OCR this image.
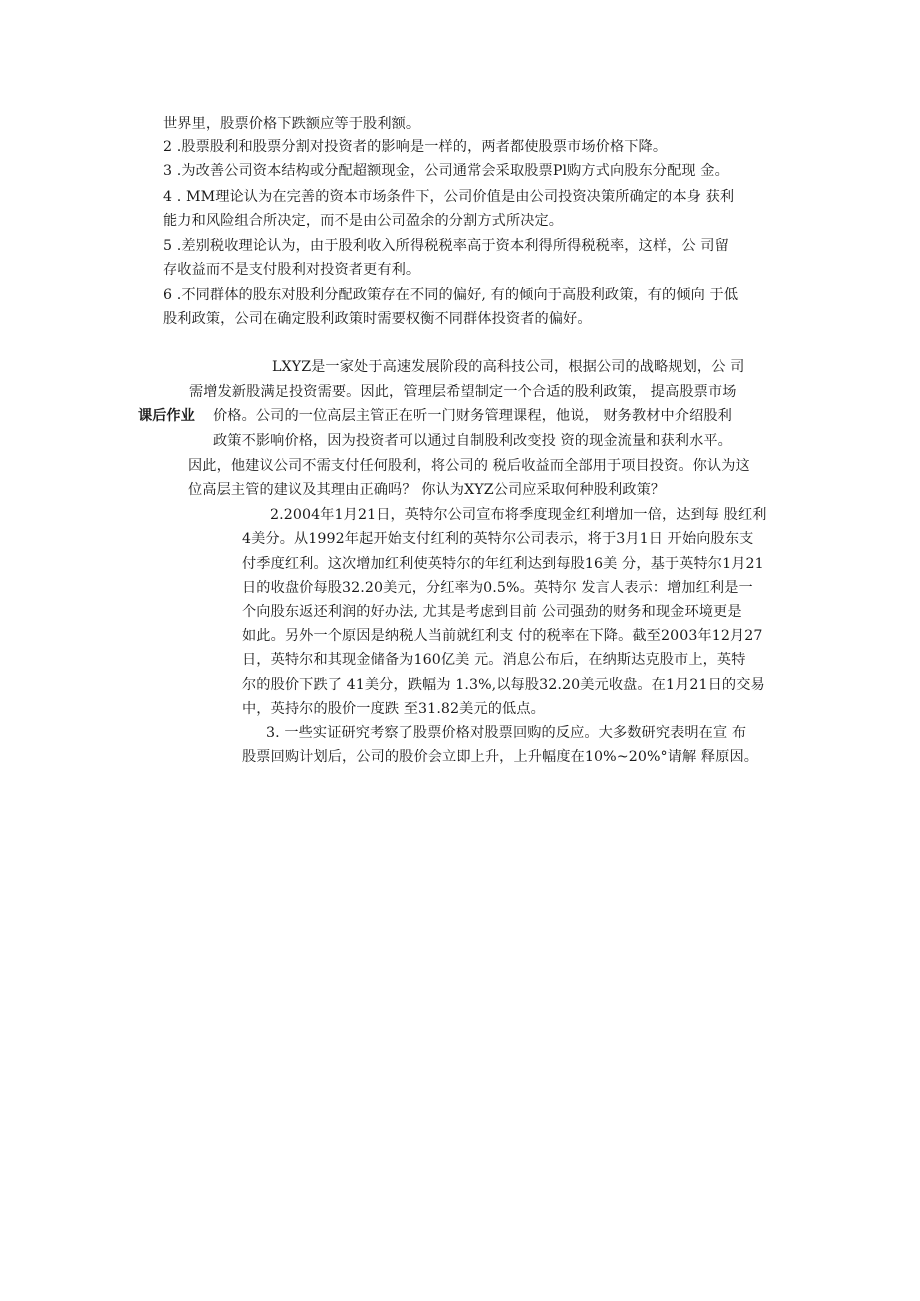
世界里，股票价格下跌额应等于股利额。
2 .股票股利和股票分割对投资者的影响是一样的，两者都使股票市场价格下降。
3 .为改善公司资本结构或分配超额现金，公司通常会采取股票Pl购方式向股东分配现 金。
4 . MM理论认为在完善的资本市场条件下，公司价值是由公司投资决策所确定的本身 获利
能力和风险组合所决定，而不是由公司盈余的分割方式所决定。
5 .差别税收理论认为，由于股利收入所得税税率高于资本利得所得税税率，这样，公 司留
存收益而不是支付股利对投资者更有利。
6 .不同群体的股东对股利分配政策存在不同的偏好, 有的倾向于高股利政策，有的倾向 于低
股利政策，公司在确定股利政策时需要权衡不同群体投资者的偏好。
课后作业
LXYZ是一家处于高速发展阶段的高科技公司，根据公司的战略规划，公 司
需增发新股满足投资需要。因此，管理层希望制定一个合适的股利政策， 提高股票市场
价格。公司的一位高层主管正在听一门财务管理课程，他说， 财务教材中介绍股利
政策不影响价格，因为投资者可以通过自制股利改变投 资的现金流量和获利水平。
因此，他建议公司不需支付任何股利，将公司的 税后收益而全部用于项目投资。你认为这
位高层主管的建议及其理由正确吗？ 你认为XYZ公司应采取何种股利政策？
2.2004年1月21日，英特尔公司宣布将季度现金红利增加一倍，达到每 股红利
4美分。从1992年起开始支付红利的英特尔公司表示，将于3月1日 开始向股东支
付季度红利。这次增加红利使英特尔的年红利达到每股16美 分，基于英特尔1月21
日的收盘价每股32.20美元，分红率为0.5%。英特尔 发言人表示：增加红利是一
个向股东返还利润的好办法, 尤其是考虑到目前 公司强劲的财务和现金环境更是
如此。另外一个原因是纳税人当前就红利支 付的税率在下降。截至2003年12月27
日，英特尔和其现金储备为160亿美 元。消息公布后，在纳斯达克股市上，英特
尔的股价下跌了 41美分，跌幅为 1.3%,以每股32.20美元收盘。在1月21日的交易
中，英持尔的股价一度跌 至31.82美元的低点。
3. 一些实证研究考察了股票价格对股票回购的反应。大多数研究表明在宣 布
股票回购计划后，公司的股价会立即上升，上升幅度在10%~20%°请解 释原因。
